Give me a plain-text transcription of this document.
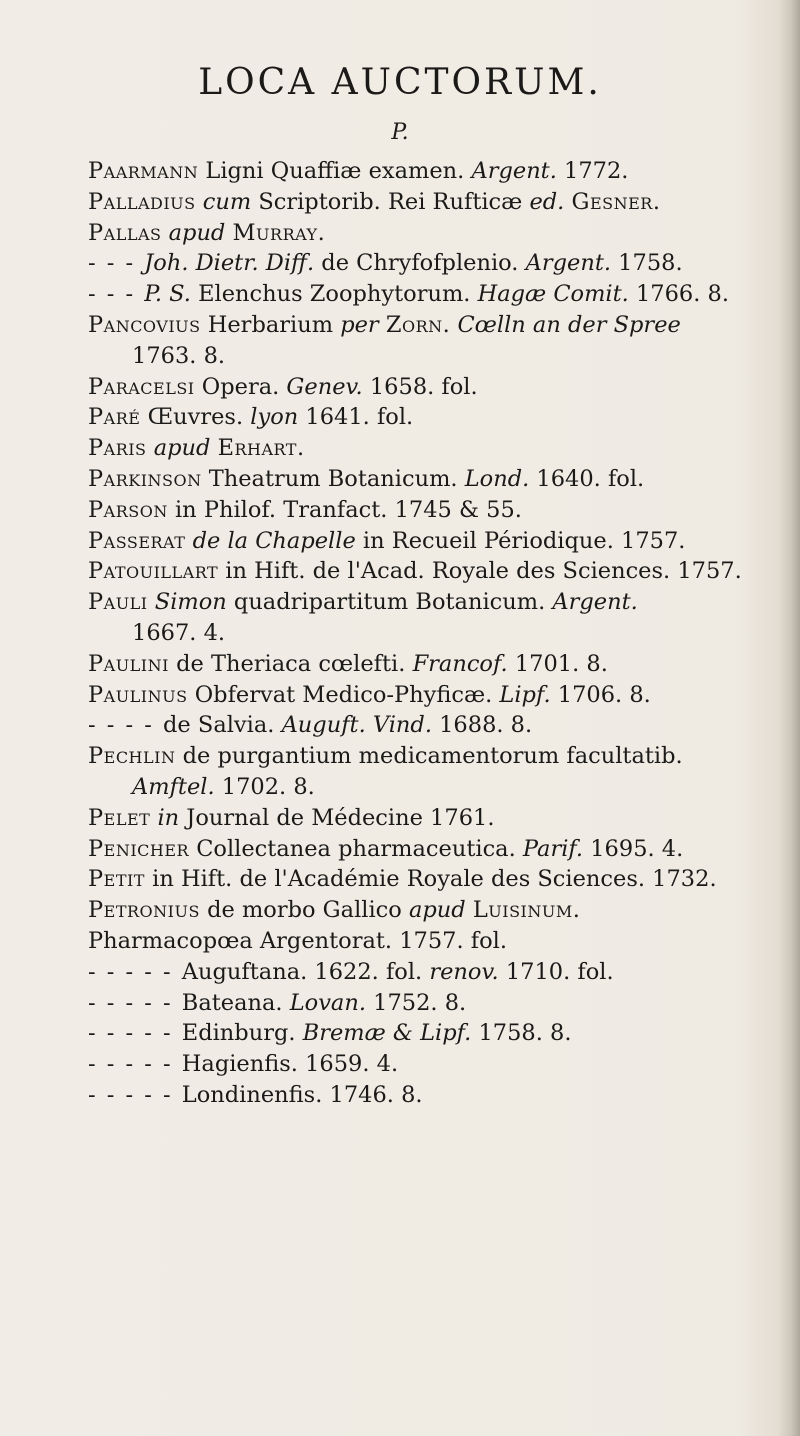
LOCA AUCTORUM.
P.
Paarmann Ligni Quaffiæ examen. Argent. 1772.
Palladius cum Scriptorib. Rei Rufticæ ed. Gesner.
Pallas apud Murray.
- - - Joh. Dietr. Diff. de Chryfofplenio. Argent. 1758.

- - - P. S. Elenchus Zoophytorum. Hagæ Comit. 1766. 8.

Pancovius Herbarium per Zorn. Cœlln an der Spree
1763. 8.
Paracelsi Opera. Genev. 1658. fol.
Paré Œuvres. lyon 1641. fol.
Paris apud Erhart.
Parkinson Theatrum Botanicum. Lond. 1640. fol.
Parson in Philof. Tranfact. 1745 & 55.
Passerat de la Chapelle in Recueil Périodique. 1757.
Patouillart in Hift. de l'Acad. Royale des Sciences. 1757.

Pauli Simon quadripartitum Botanicum. Argent.
1667. 4.
Paulini de Theriaca cœlefti. Francof. 1701. 8.
Paulinus Obfervat Medico-Phyficæ. Lipf. 1706. 8.
- - - - de Salvia. Auguft. Vind. 1688. 8.
Pechlin de purgantium medicamentorum facultatib.
Amftel. 1702. 8.
Pelet in Journal de Médecine 1761.
Penicher Collectanea pharmaceutica. Parif. 1695. 4.
Petit in Hift. de l'Académie Royale des Sciences. 1732.

Petronius de morbo Gallico apud Luisinum.
Pharmacopœa Argentorat. 1757. fol.
- - - - - Auguftana. 1622. fol. renov. 1710. fol.
- - - - - Bateana. Lovan. 1752. 8.
- - - - - Edinburg. Bremæ & Lipf. 1758. 8.
- - - - - Hagienfis. 1659. 4.
- - - - - Londinenfis. 1746. 8.
